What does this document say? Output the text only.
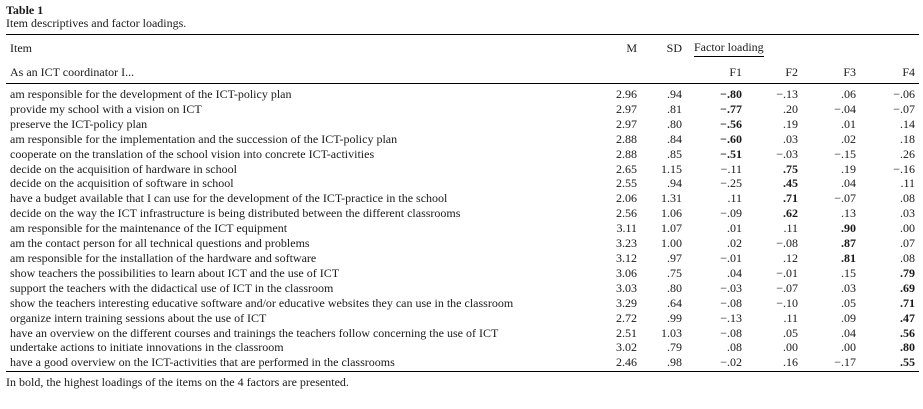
Table 1
Item descriptives and factor loadings.
Item	M	SD	Factor loading			
As an ICT coordinator I...			F1	F2	F3	F4
am responsible for the development of the ICT-policy plan	2.96	.94	−.80	−.13	.06	−.06
provide my school with a vision on ICT	2.97	.81	−.77	.20	−.04	−.07
preserve the ICT-policy plan	2.97	.80	−.56	.19	.01	.14
am responsible for the implementation and the succession of the ICT-policy plan	2.88	.84	−.60	.03	.02	.18
cooperate on the translation of the school vision into concrete ICT-activities	2.88	.85	−.51	−.03	−.15	.26
decide on the acquisition of hardware in school	2.65	1.15	−.11	.75	.19	−.16
decide on the acquisition of software in school	2.55	.94	−.25	.45	.04	.11
have a budget available that I can use for the development of the ICT-practice in the school	2.06	1.31	.11	.71	−.07	.08
decide on the way the ICT infrastructure is being distributed between the different classrooms	2.56	1.06	−.09	.62	.13	.03
am responsible for the maintenance of the ICT equipment	3.11	1.07	.01	.11	.90	.00
am the contact person for all technical questions and problems	3.23	1.00	.02	−.08	.87	.07
am responsible for the installation of the hardware and software	3.12	.97	−.01	.12	.81	.08
show teachers the possibilities to learn about ICT and the use of ICT	3.06	.75	.04	−.01	.15	.79
support the teachers with the didactical use of ICT in the classroom	3.03	.80	−.03	−.07	.03	.69
show the teachers interesting educative software and/or educative websites they can use in the classroom	3.29	.64	−.08	−.10	.05	.71
organize intern training sessions about the use of ICT	2.72	.99	−.13	.11	.09	.47
have an overview on the different courses and trainings the teachers follow concerning the use of ICT	2.51	1.03	−.08	.05	.04	.56
undertake actions to initiate innovations in the classroom	3.02	.79	.08	.00	.00	.80
have a good overview on the ICT-activities that are performed in the classrooms	2.46	.98	−.02	.16	−.17	.55
In bold, the highest loadings of the items on the 4 factors are presented.
